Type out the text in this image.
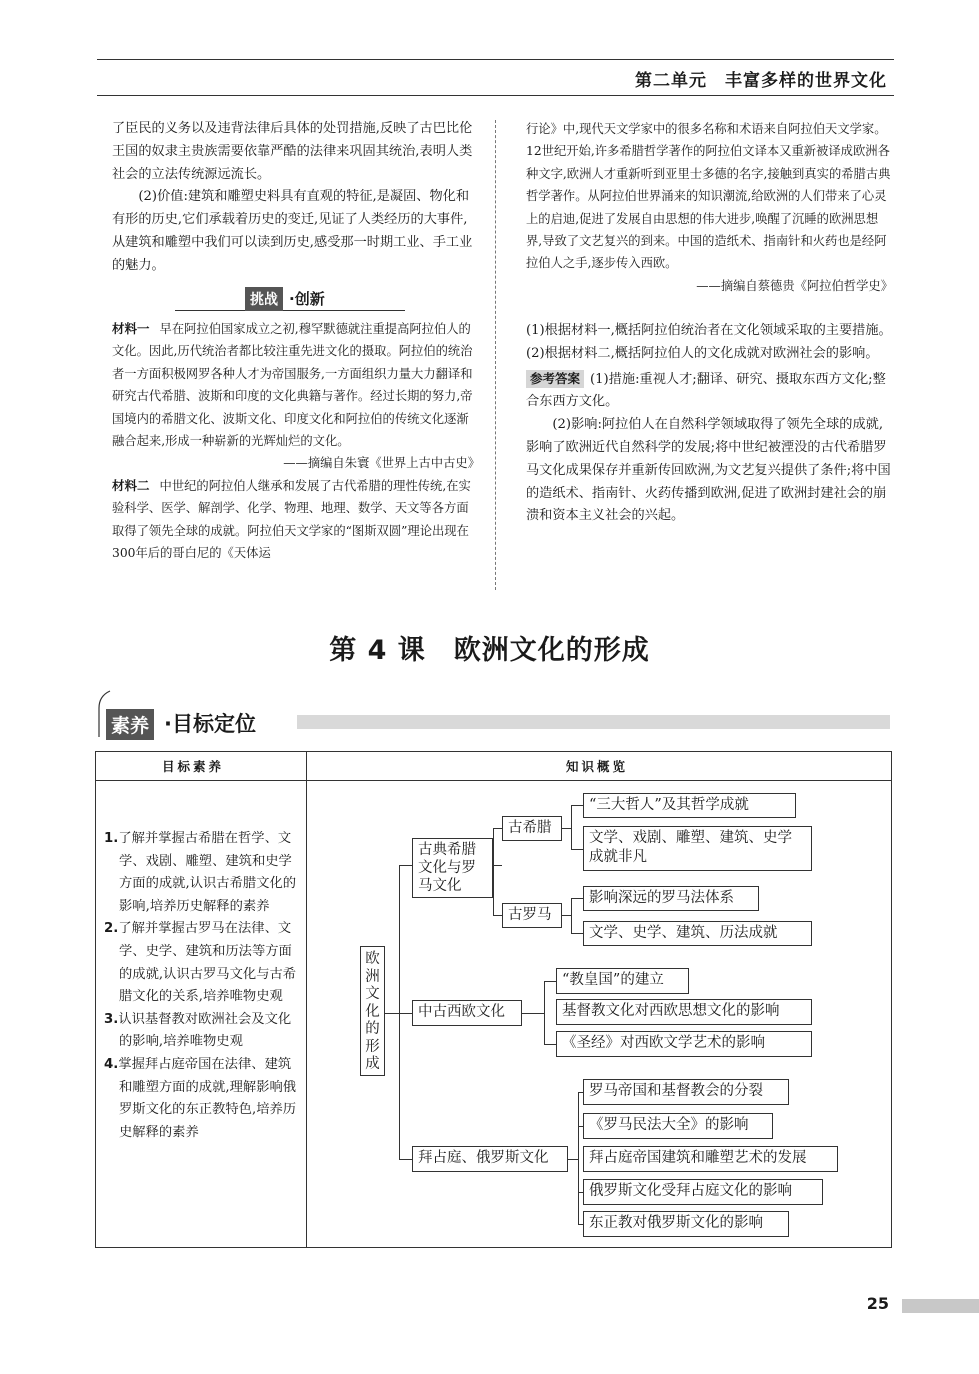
第二单元　丰富多样的世界文化

了臣民的义务以及违背法律后具体的处罚措施,反映了古巴比伦王国的奴隶主贵族需要依靠严酷的法律来巩固其统治,表明人类社会的立法传统源远流长。

(2)价值:建筑和雕塑史料具有直观的特征,是凝固、物化和有形的历史,它们承载着历史的变迁,见证了人类经历的大事件,从建筑和雕塑中我们可以读到历史,感受那一时期工业、手工业的魅力。

挑战 ·创新

材料一 早在阿拉伯国家成立之初,穆罕默德就注重提高阿拉伯人的文化。因此,历代统治者都比较注重先进文化的摄取。阿拉伯的统治者一方面积极网罗各种人才为帝国服务,一方面组织力量大力翻译和研究古代希腊、波斯和印度的文化典籍与著作。经过长期的努力,帝国境内的希腊文化、波斯文化、印度文化和阿拉伯的传统文化逐渐融合起来,形成一种崭新的光辉灿烂的文化。

——摘编自朱寰《世界上古中古史》

材料二 中世纪的阿拉伯人继承和发展了古代希腊的理性传统,在实验科学、医学、解剖学、化学、物理、地理、数学、天文等各方面取得了领先全球的成就。阿拉伯天文学家的“图斯双圆”理论出现在300年后的哥白尼的《天体运

行论》中,现代天文学家中的很多名称和术语来自阿拉伯天文学家。12世纪开始,许多希腊哲学著作的阿拉伯文译本又重新被译成欧洲各种文字,欧洲人才重新听到亚里士多德的名字,接触到真实的希腊古典哲学著作。从阿拉伯世界涌来的知识潮流,给欧洲的人们带来了心灵上的启迪,促进了发展自由思想的伟大进步,唤醒了沉睡的欧洲思想界,导致了文艺复兴的到来。中国的造纸术、指南针和火药也是经阿拉伯人之手,逐步传入西欧。

——摘编自蔡德贵《阿拉伯哲学史》

(1)根据材料一,概括阿拉伯统治者在文化领域采取的主要措施。

(2)根据材料二,概括阿拉伯人的文化成就对欧洲社会的影响。

参考答案 (1)措施:重视人才;翻译、研究、摄取东西方文化;整合东西方文化。

(2)影响:阿拉伯人在自然科学领域取得了领先全球的成就,影响了欧洲近代自然科学的发展;将中世纪被湮没的古代希腊罗马文化成果保存并重新传回欧洲,为文艺复兴提供了条件;将中国的造纸术、指南针、火药传播到欧洲,促进了欧洲封建社会的崩溃和资本主义社会的兴起。

第 4 课　欧洲文化的形成
素养 ·目标定位
目标素养	知识概览
1.了解并掌握古希腊在哲学、文学、戏剧、雕塑、建筑和史学方面的成就,认识古希腊文化的影响,培养历史解释的素养
2.了解并掌握古罗马在法律、文学、史学、建筑和历法等方面的成就,认识古罗马文化与古希腊文化的关系,培养唯物史观
3.认识基督教对欧洲社会及文化的影响,培养唯物史观
4.掌握拜占庭帝国在法律、建筑和雕塑方面的成就,理解影响俄罗斯文化的东正教特色,培养历史解释的素养
欧洲文化的形成
古典希腊文化与罗马文化
古希腊
“三大哲人”及其哲学成就
文学、戏剧、雕塑、建筑、史学成就非凡
古罗马
影响深远的罗马法体系
文学、史学、建筑、历法成就
中古西欧文化
“教皇国”的建立
基督教文化对西欧思想文化的影响
《圣经》对西欧文学艺术的影响
拜占庭、俄罗斯文化
罗马帝国和基督教会的分裂
《罗马民法大全》的影响
拜占庭帝国建筑和雕塑艺术的发展
俄罗斯文化受拜占庭文化的影响
东正教对俄罗斯文化的影响
25
